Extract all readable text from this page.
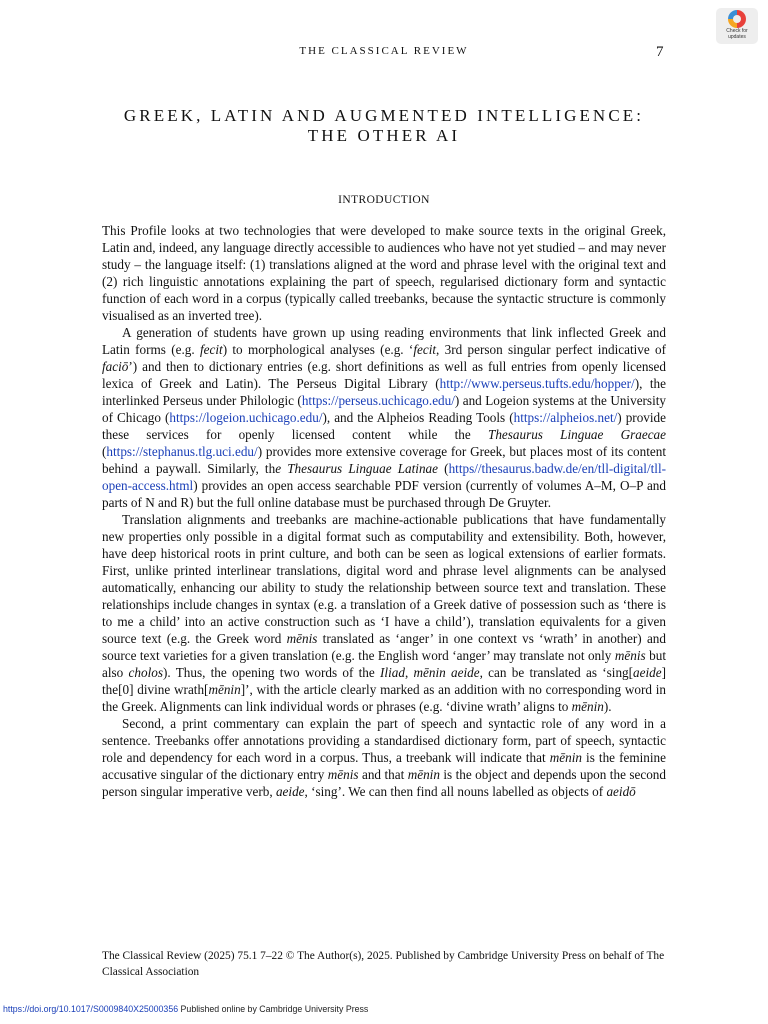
THE CLASSICAL REVIEW	7
Check for
updates
GREEK, LATIN AND AUGMENTED INTELLIGENCE:
THE OTHER AI
INTRODUCTION

This Profile looks at two technologies that were developed to make source texts in the original Greek, Latin and, indeed, any language directly accessible to audiences who have not yet studied – and may never study – the language itself: (1) translations aligned at the word and phrase level with the original text and (2) rich linguistic annotations explaining the part of speech, regularised dictionary form and syntactic function of each word in a corpus (typically called treebanks, because the syntactic structure is commonly visualised as an inverted tree).

A generation of students have grown up using reading environments that link inflected Greek and Latin forms (e.g. fecit) to morphological analyses (e.g. ‘fecit, 3rd person singular perfect indicative of faciō’) and then to dictionary entries (e.g. short definitions as well as full entries from openly licensed lexica of Greek and Latin). The Perseus Digital Library (http://www.perseus.tufts.edu/hopper/), the interlinked Perseus under Philologic (https://perseus.uchicago.edu/) and Logeion systems at the University of Chicago (https://logeion.uchicago.edu/), and the Alpheios Reading Tools (https://alpheios.net/) provide these services for openly licensed content while the Thesaurus Linguae Graecae (https://stephanus.tlg.uci.edu/) provides more extensive coverage for Greek, but places most of its content behind a paywall. Similarly, the Thesaurus Linguae Latinae (https//thesaurus.badw.de/en/tll-digital/tll-open-access.html) provides an open access searchable PDF version (currently of volumes A–M, O–P and parts of N and R) but the full online database must be purchased through De Gruyter.

Translation alignments and treebanks are machine-actionable publications that have fundamentally new properties only possible in a digital format such as computability and extensibility. Both, however, have deep historical roots in print culture, and both can be seen as logical extensions of earlier formats. First, unlike printed interlinear translations, digital word and phrase level alignments can be analysed automatically, enhancing our ability to study the relationship between source text and translation. These relationships include changes in syntax (e.g. a translation of a Greek dative of possession such as ‘there is to me a child’ into an active construction such as ‘I have a child’), translation equivalents for a given source text (e.g. the Greek word mēnis translated as ‘anger’ in one context vs ‘wrath’ in another) and source text varieties for a given translation (e.g. the English word ‘anger’ may translate not only mēnis but also cholos). Thus, the opening two words of the Iliad, mēnin aeide, can be translated as ‘sing[aeide] the[0] divine wrath[mēnin]’, with the article clearly marked as an addition with no corresponding word in the Greek. Alignments can link individual words or phrases (e.g. ‘divine wrath’ aligns to mēnin).

Second, a print commentary can explain the part of speech and syntactic role of any word in a sentence. Treebanks offer annotations providing a standardised dictionary form, part of speech, syntactic role and dependency for each word in a corpus. Thus, a treebank will indicate that mēnin is the feminine accusative singular of the dictionary entry mēnis and that mēnin is the object and depends upon the second person singular imperative verb, aeide, ‘sing’. We can then find all nouns labelled as objects of aeidō

The Classical Review (2025) 75.1 7–22 © The Author(s), 2025. Published by Cambridge University Press on behalf of The Classical Association
https://doi.org/10.1017/S0009840X25000356 Published online by Cambridge University Press
